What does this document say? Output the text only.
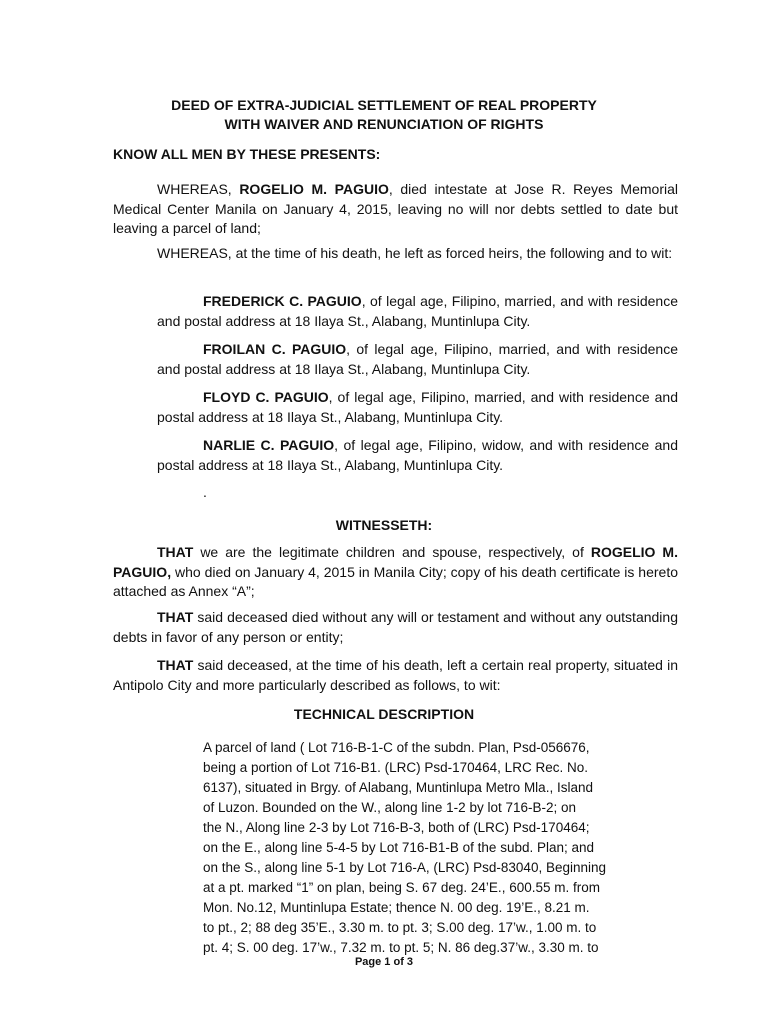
DEED OF EXTRA-JUDICIAL SETTLEMENT OF REAL PROPERTY
WITH WAIVER AND RENUNCIATION OF RIGHTS
KNOW ALL MEN BY THESE PRESENTS:
WHEREAS, ROGELIO M. PAGUIO, died intestate at Jose R. Reyes Memorial Medical Center Manila on January 4, 2015, leaving no will nor debts settled to date but leaving a parcel of land;
WHEREAS, at the time of his death, he left as forced heirs, the following and to wit:
FREDERICK C. PAGUIO, of legal age, Filipino, married, and with residence and postal address at 18 Ilaya St., Alabang, Muntinlupa City.
FROILAN C. PAGUIO, of legal age, Filipino, married, and with residence and postal address at 18 Ilaya St., Alabang, Muntinlupa City.
FLOYD C. PAGUIO, of legal age, Filipino, married, and with residence and postal address at 18 Ilaya St., Alabang, Muntinlupa City.
NARLIE C. PAGUIO, of legal age, Filipino, widow, and with residence and postal address at 18 Ilaya St., Alabang, Muntinlupa City.
.
WITNESSETH:
THAT we are the legitimate children and spouse, respectively, of ROGELIO M. PAGUIO, who died on January 4, 2015 in Manila City; copy of his death certificate is hereto attached as Annex “A”;
THAT said deceased died without any will or testament and without any outstanding debts in favor of any person or entity;
THAT said deceased, at the time of his death, left a certain real property, situated in Antipolo City and more particularly described as follows, to wit:
TECHNICAL DESCRIPTION
A parcel of land ( Lot 716-B-1-C of the subdn. Plan, Psd-056676,
being a portion of Lot 716-B1. (LRC) Psd-170464, LRC Rec. No.
6137), situated in Brgy. of Alabang, Muntinlupa Metro Mla., Island
of Luzon. Bounded on the W., along line 1-2 by lot 716-B-2; on
the N., Along line 2-3 by Lot 716-B-3, both of (LRC) Psd-170464;
on the E., along line 5-4-5 by Lot 716-B1-B of the subd. Plan; and
on the S., along line 5-1 by Lot 716-A, (LRC) Psd-83040, Beginning
at a pt. marked “1” on plan, being S. 67 deg. 24’E., 600.55 m. from
Mon. No.12, Muntinlupa Estate; thence N. 00 deg. 19’E., 8.21 m.
to pt., 2; 88 deg 35’E., 3.30 m. to pt. 3; S.00 deg. 17’w., 1.00 m. to
pt. 4; S. 00 deg. 17’w., 7.32 m. to pt. 5; N. 86 deg.37’w., 3.30 m. to
Page 1 of 3
